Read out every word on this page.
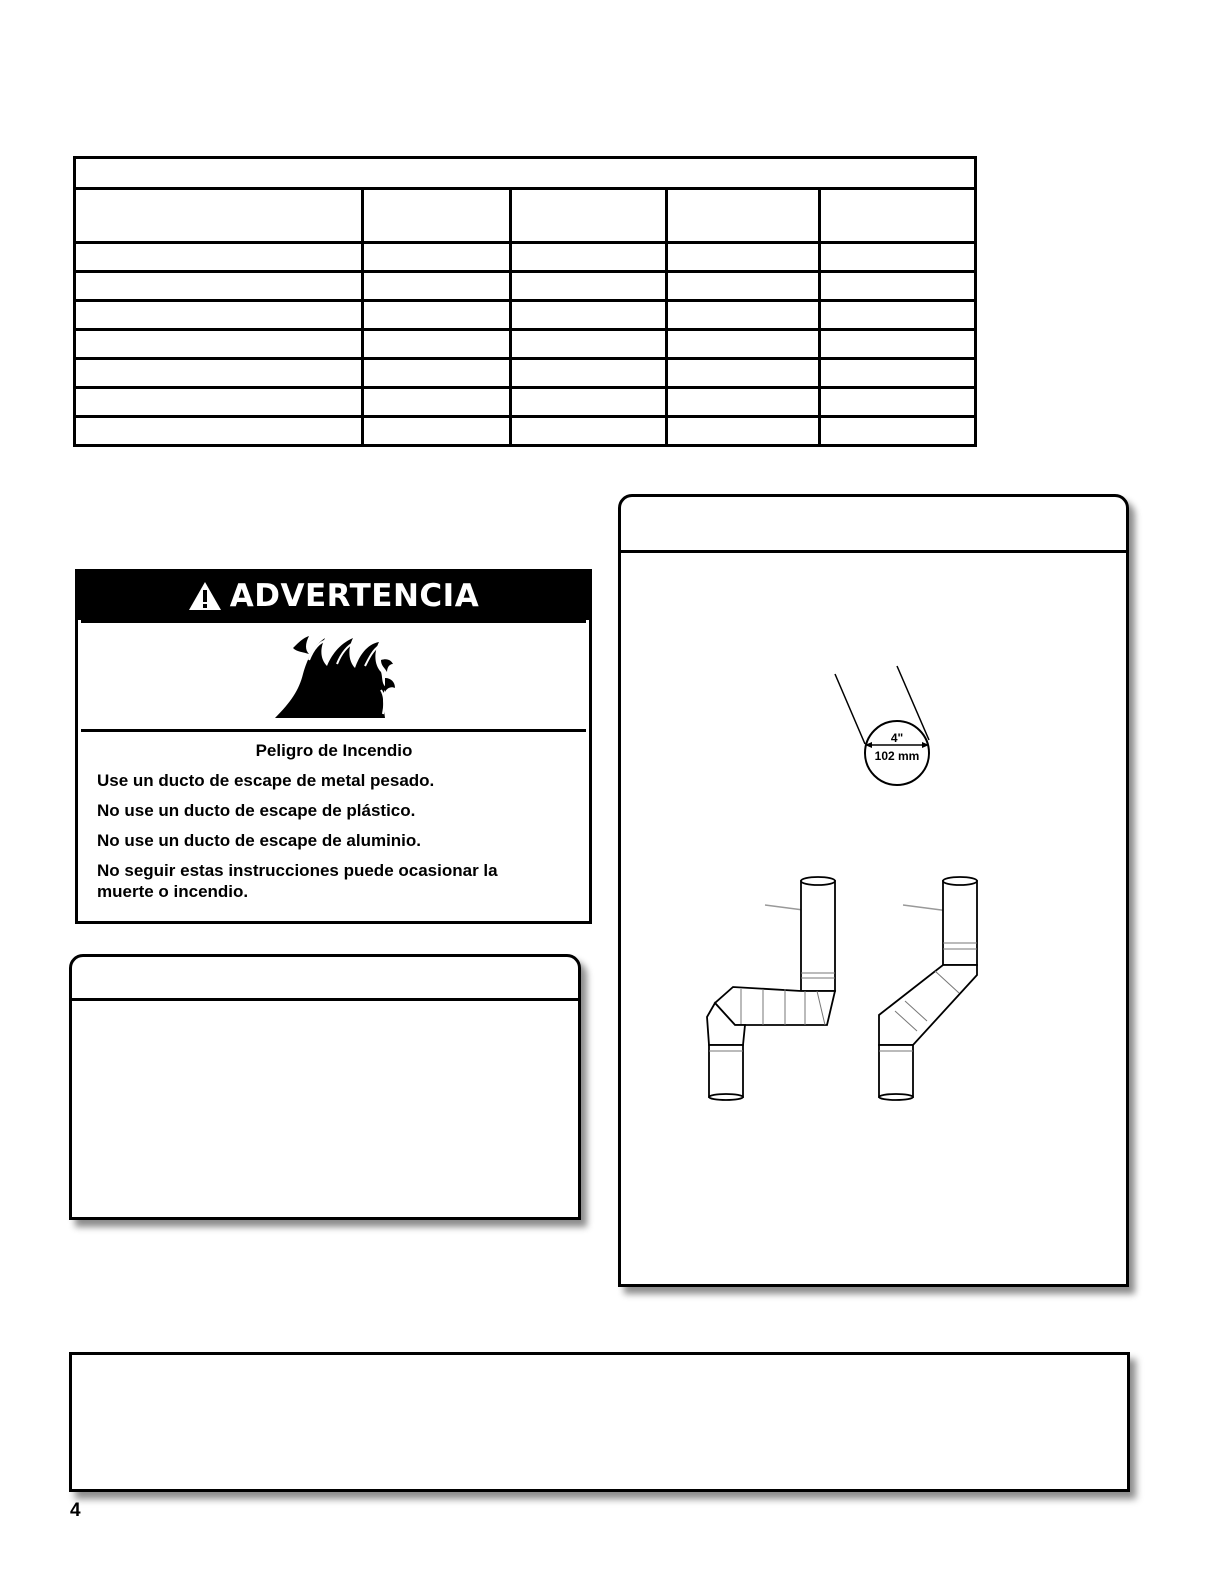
ADVERTENCIA
Peligro de Incendio

Use un ducto de escape de metal pesado.

No use un ducto de escape de plástico.

No use un ducto de escape de aluminio.

No seguir estas instrucciones puede ocasionar la muerte o incendio.

4"
102 mm
4
